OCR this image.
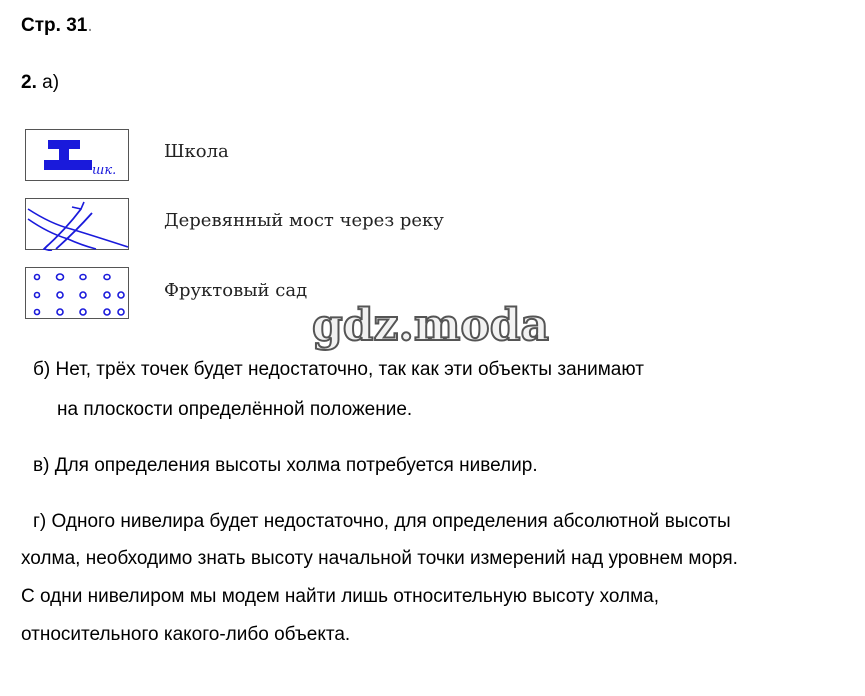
Стр. 31.
2. а)
шк.
Школа
Деревянный мост через реку
Фруктовый сад
gdz.moda
б) Нет, трёх точек будет недостаточно, так как эти объекты занимают
на плоскости определённой положение.
в) Для определения высоты холма потребуется нивелир.
г) Одного нивелира будет недостаточно, для определения абсолютной высоты
холма, необходимо знать высоту начальной точки измерений над уровнем моря.
С одни нивелиром мы модем найти лишь относительную высоту холма,
относительного какого-либо объекта.
